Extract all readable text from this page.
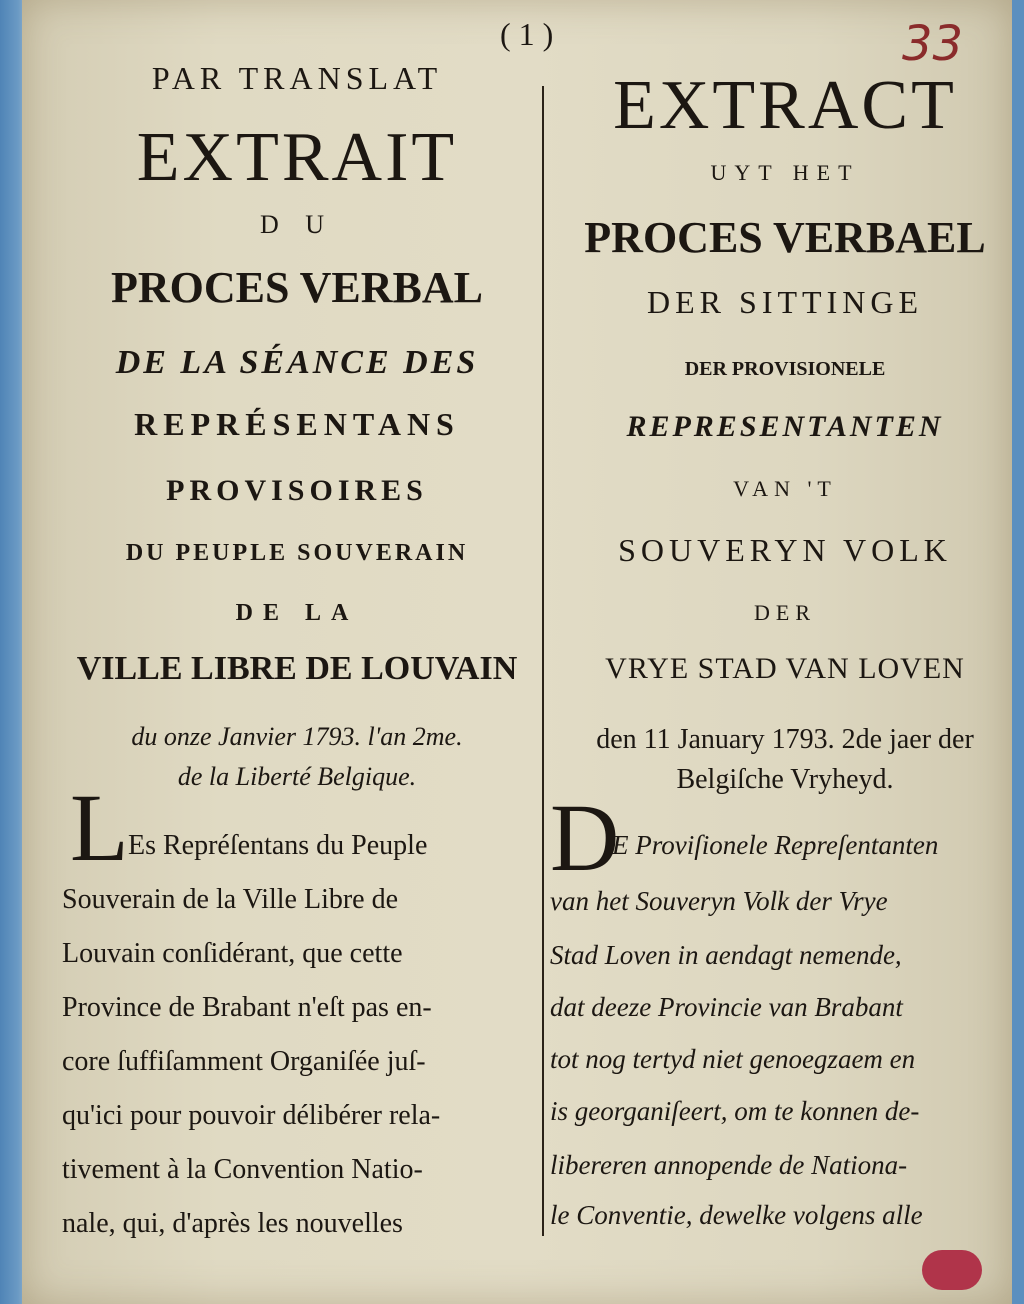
( 1 )	33
PAR TRANSLAT
EXTRAIT
D U
PROCES VERBAL
DE LA SÉANCE DES
REPRÉSENTANS
PROVISOIRES
DU PEUPLE SOUVERAIN
DE LA
VILLE LIBRE DE LOUVAIN
du onze Janvier 1793. l'an 2me.
de la Liberté Belgique.
L Es Repréſentans du Peuple
Souverain de la Ville Libre de
Louvain conſidérant, que cette
Province de Brabant n'eſt pas en-
core ſuffiſamment Organiſée juſ-
qu'ici pour pouvoir délibérer rela-
tivement à la Convention Natio-
nale, qui, d'après les nouvelles
EXTRACT
UYT HET
PROCES VERBAEL
DER SITTINGE
DER PROVISIONELE
REPRESENTANTEN
VAN 'T
SOUVERYN VOLK
DER
VRYE STAD VAN LOVEN
den 11 January 1793. 2de jaer der
Belgiſche Vryheyd.
D
E Proviſionele Repreſentanten
van het Souveryn Volk der Vrye
Stad Loven in aendagt nemende,
dat deeze Provincie van Brabant
tot nog tertyd niet genoegzaem en
is georganiſeert, om te konnen de-
libereren annopende de Nationa-
le Conventie, dewelke volgens alle
